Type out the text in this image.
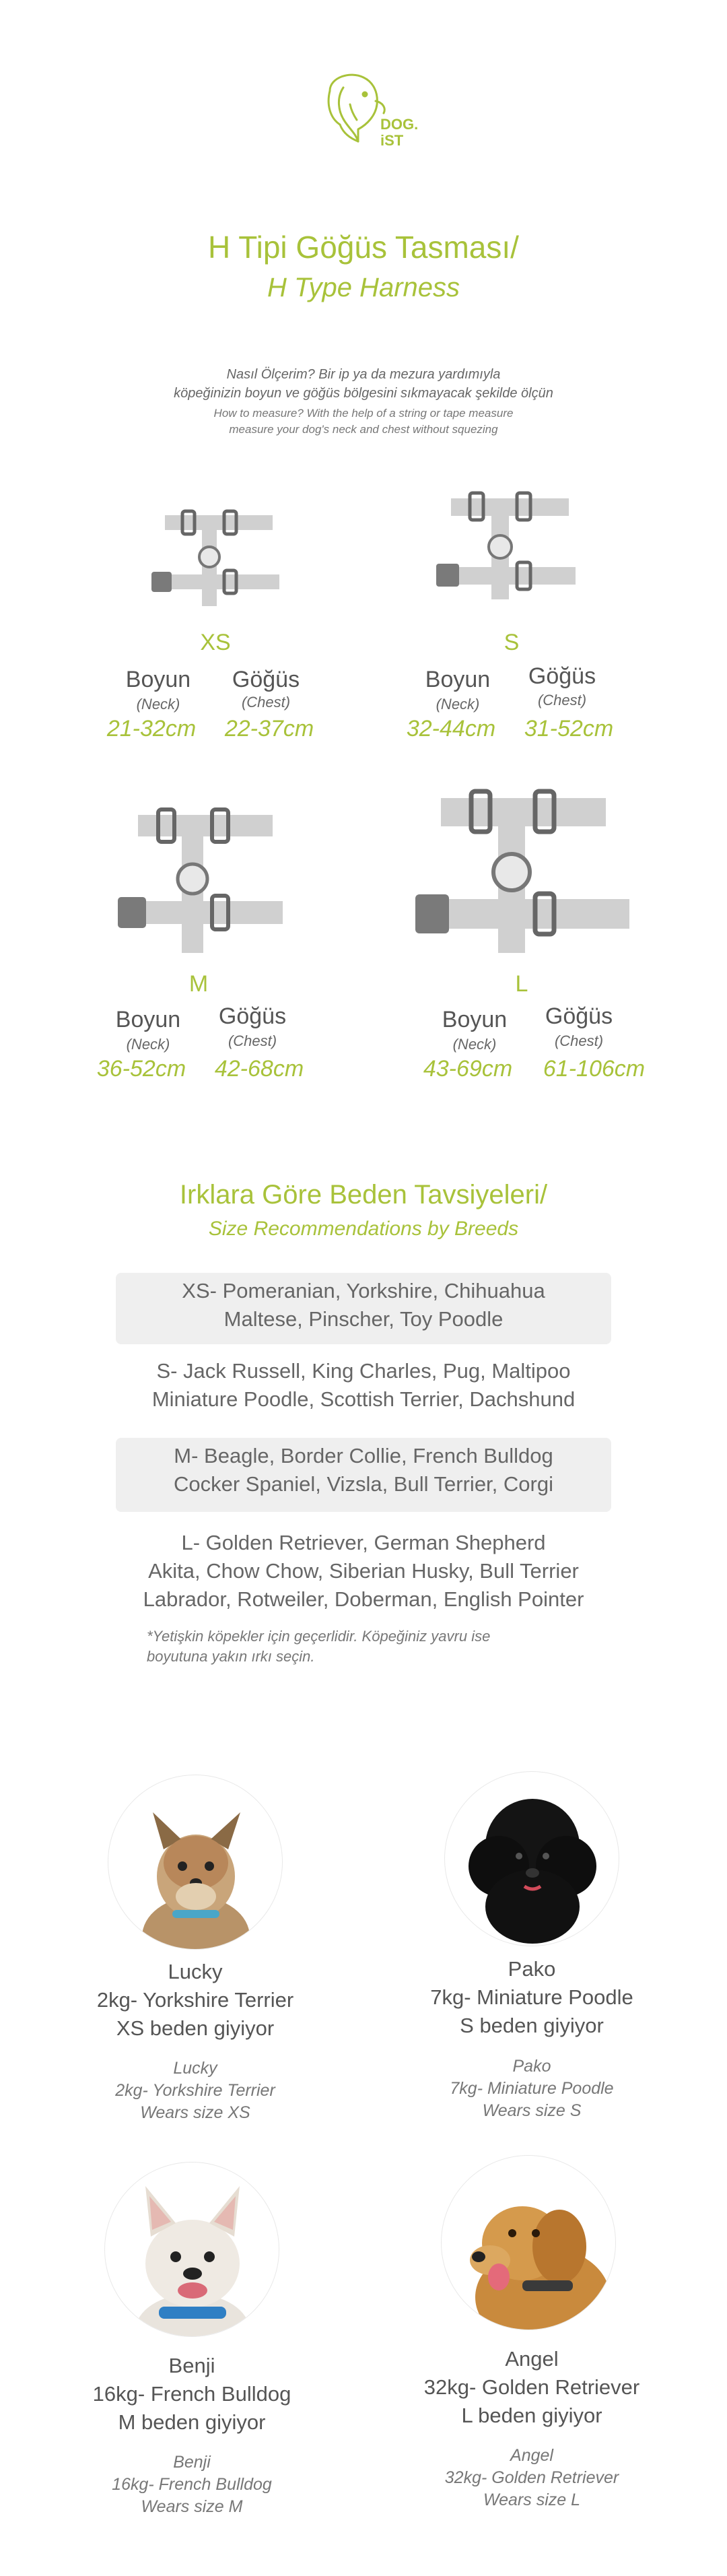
DOG.
iST
H Tipi Göğüs Tasması/
H Type Harness
Nasıl Ölçerim? Bir ip ya da mezura yardımıyla
köpeğinizin boyun ve göğüs bölgesini sıkmayacak şekilde ölçün
How to measure? With the help of a string or tape measure
measure your dog's neck and chest without squezing
XS
Boyun	Göğüs
(Neck)	(Chest)
21-32cm	22-37cm
S
Boyun	Göğüs
(Neck)	(Chest)
32-44cm	31-52cm
M
Boyun	Göğüs
(Neck)	(Chest)
36-52cm	42-68cm
L
Boyun	Göğüs
(Neck)	(Chest)
43-69cm	61-106cm
Irklara Göre Beden Tavsiyeleri/
Size Recommendations by Breeds
XS- Pomeranian, Yorkshire, Chihuahua
Maltese, Pinscher, Toy Poodle
S- Jack Russell, King Charles, Pug, Maltipoo
Miniature Poodle, Scottish Terrier, Dachshund
M- Beagle, Border Collie, French Bulldog
Cocker Spaniel, Vizsla, Bull Terrier, Corgi
L- Golden Retriever, German Shepherd
Akita, Chow Chow, Siberian Husky, Bull Terrier
Labrador, Rotweiler, Doberman, English Pointer
*Yetişkin köpekler için geçerlidir. Köpeğiniz yavru ise
boyutuna yakın ırkı seçin.
Lucky
2kg- Yorkshire Terrier
XS beden giyiyor
Lucky
2kg- Yorkshire Terrier
Wears size XS
Pako
7kg- Miniature Poodle
S beden giyiyor
Pako
7kg- Miniature Poodle
Wears size S
Benji
16kg- French Bulldog
M beden giyiyor
Benji
16kg- French Bulldog
Wears size M
Angel
32kg- Golden Retriever
L beden giyiyor
Angel
32kg- Golden Retriever
Wears size L
